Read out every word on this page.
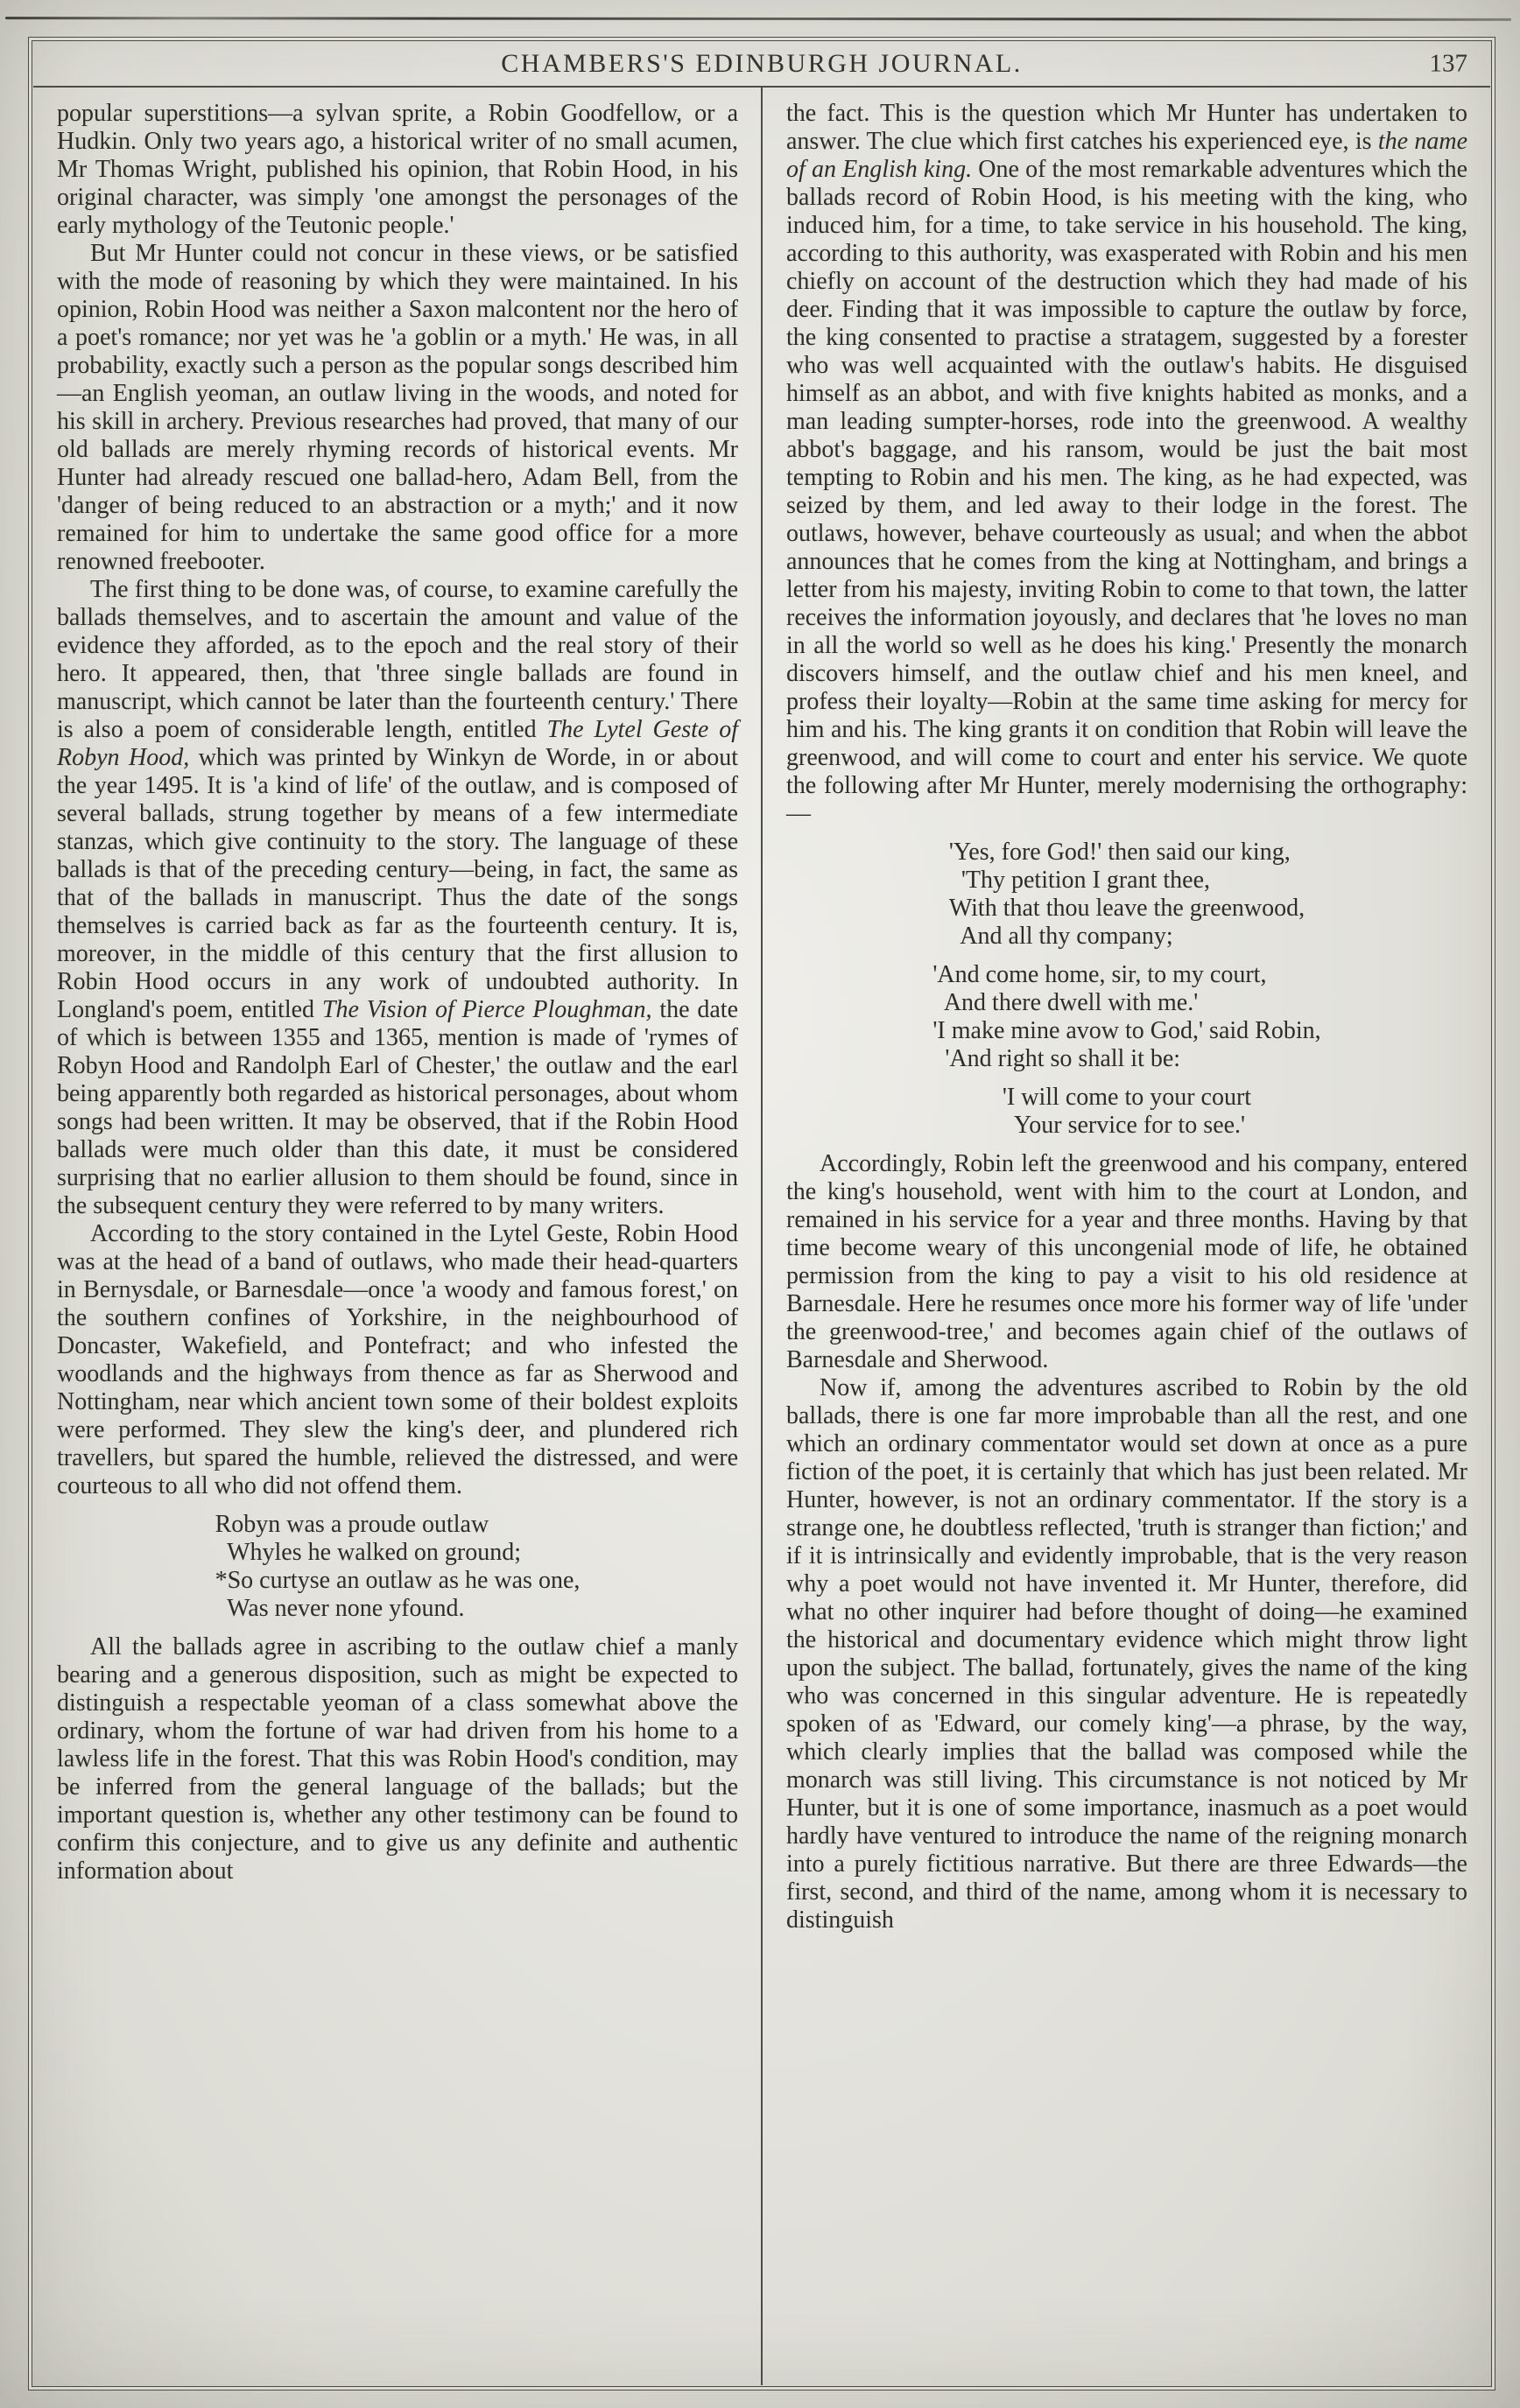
CHAMBERS'S EDINBURGH JOURNAL.	137

popular superstitions—a sylvan sprite, a Robin Goodfellow, or a Hudkin. Only two years ago, a historical writer of no small acumen, Mr Thomas Wright, published his opinion, that Robin Hood, in his original character, was simply 'one amongst the personages of the early mythology of the Teutonic people.'

But Mr Hunter could not concur in these views, or be satisfied with the mode of reasoning by which they were maintained. In his opinion, Robin Hood was neither a Saxon malcontent nor the hero of a poet's romance; nor yet was he 'a goblin or a myth.' He was, in all probability, exactly such a person as the popular songs described him—an English yeoman, an outlaw living in the woods, and noted for his skill in archery. Previous researches had proved, that many of our old ballads are merely rhyming records of historical events. Mr Hunter had already rescued one ballad-hero, Adam Bell, from the 'danger of being reduced to an abstraction or a myth;' and it now remained for him to undertake the same good office for a more renowned freebooter.

The first thing to be done was, of course, to examine carefully the ballads themselves, and to ascertain the amount and value of the evidence they afforded, as to the epoch and the real story of their hero. It appeared, then, that 'three single ballads are found in manuscript, which cannot be later than the fourteenth century.' There is also a poem of considerable length, entitled The Lytel Geste of Robyn Hood, which was printed by Winkyn de Worde, in or about the year 1495. It is 'a kind of life' of the outlaw, and is composed of several ballads, strung together by means of a few intermediate stanzas, which give continuity to the story. The language of these ballads is that of the preceding century—being, in fact, the same as that of the ballads in manuscript. Thus the date of the songs themselves is carried back as far as the fourteenth century. It is, moreover, in the middle of this century that the first allusion to Robin Hood occurs in any work of undoubted authority. In Longland's poem, entitled The Vision of Pierce Ploughman, the date of which is between 1355 and 1365, mention is made of 'rymes of Robyn Hood and Randolph Earl of Chester,' the outlaw and the earl being apparently both regarded as historical personages, about whom songs had been written. It may be observed, that if the Robin Hood ballads were much older than this date, it must be considered surprising that no earlier allusion to them should be found, since in the subsequent century they were referred to by many writers.

According to the story contained in the Lytel Geste, Robin Hood was at the head of a band of outlaws, who made their head-quarters in Bernysdale, or Barnesdale—once 'a woody and famous forest,' on the southern confines of Yorkshire, in the neighbourhood of Doncaster, Wakefield, and Pontefract; and who infested the woodlands and the highways from thence as far as Sherwood and Nottingham, near which ancient town some of their boldest exploits were performed. They slew the king's deer, and plundered rich travellers, but spared the humble, relieved the distressed, and were courteous to all who did not offend them.

Robyn was a proude outlaw
Whyles he walked on ground;
*So curtyse an outlaw as he was one,
Was never none yfound.

All the ballads agree in ascribing to the outlaw chief a manly bearing and a generous disposition, such as might be expected to distinguish a respectable yeoman of a class somewhat above the ordinary, whom the fortune of war had driven from his home to a lawless life in the forest. That this was Robin Hood's condition, may be inferred from the general language of the ballads; but the important question is, whether any other testimony can be found to confirm this conjecture, and to give us any definite and authentic information about

the fact. This is the question which Mr Hunter has undertaken to answer. The clue which first catches his experienced eye, is the name of an English king. One of the most remarkable adventures which the ballads record of Robin Hood, is his meeting with the king, who induced him, for a time, to take service in his household. The king, according to this authority, was exasperated with Robin and his men chiefly on account of the destruction which they had made of his deer. Finding that it was impossible to capture the outlaw by force, the king consented to practise a stratagem, suggested by a forester who was well acquainted with the outlaw's habits. He disguised himself as an abbot, and with five knights habited as monks, and a man leading sumpter-horses, rode into the greenwood. A wealthy abbot's baggage, and his ransom, would be just the bait most tempting to Robin and his men. The king, as he had expected, was seized by them, and led away to their lodge in the forest. The outlaws, however, behave courteously as usual; and when the abbot announces that he comes from the king at Nottingham, and brings a letter from his majesty, inviting Robin to come to that town, the latter receives the information joyously, and declares that 'he loves no man in all the world so well as he does his king.' Presently the monarch discovers himself, and the outlaw chief and his men kneel, and profess their loyalty—Robin at the same time asking for mercy for him and his. The king grants it on condition that Robin will leave the greenwood, and will come to court and enter his service. We quote the following after Mr Hunter, merely modernising the orthography:—

'Yes, fore God!' then said our king,
'Thy petition I grant thee,
With that thou leave the greenwood,
And all thy company;
'And come home, sir, to my court,
And there dwell with me.'
'I make mine avow to God,' said Robin,
'And right so shall it be:
'I will come to your court
Your service for to see.'

Accordingly, Robin left the greenwood and his company, entered the king's household, went with him to the court at London, and remained in his service for a year and three months. Having by that time become weary of this uncongenial mode of life, he obtained permission from the king to pay a visit to his old residence at Barnesdale. Here he resumes once more his former way of life 'under the greenwood-tree,' and becomes again chief of the outlaws of Barnesdale and Sherwood.

Now if, among the adventures ascribed to Robin by the old ballads, there is one far more improbable than all the rest, and one which an ordinary commentator would set down at once as a pure fiction of the poet, it is certainly that which has just been related. Mr Hunter, however, is not an ordinary commentator. If the story is a strange one, he doubtless reflected, 'truth is stranger than fiction;' and if it is intrinsically and evidently improbable, that is the very reason why a poet would not have invented it. Mr Hunter, therefore, did what no other inquirer had before thought of doing—he examined the historical and documentary evidence which might throw light upon the subject. The ballad, fortunately, gives the name of the king who was concerned in this singular adventure. He is repeatedly spoken of as 'Edward, our comely king'—a phrase, by the way, which clearly implies that the ballad was composed while the monarch was still living. This circumstance is not noticed by Mr Hunter, but it is one of some importance, inasmuch as a poet would hardly have ventured to introduce the name of the reigning monarch into a purely fictitious narrative. But there are three Edwards—the first, second, and third of the name, among whom it is necessary to distinguish
